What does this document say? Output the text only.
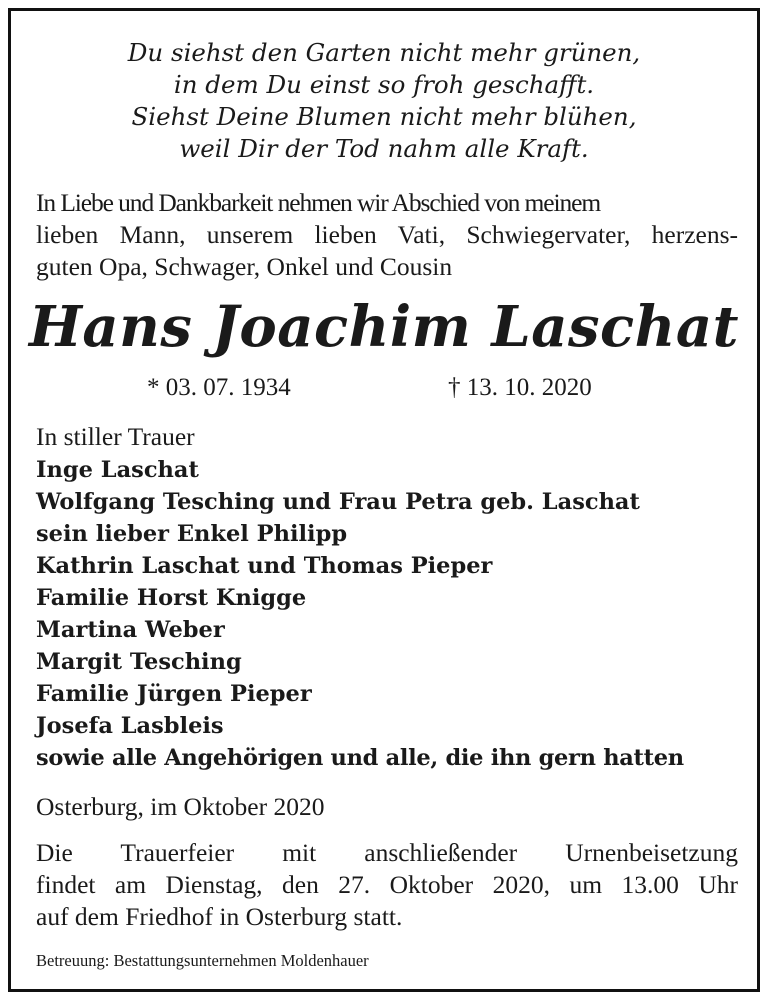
Du siehst den Garten nicht mehr grünen,
in dem Du einst so froh geschafft.
Siehst Deine Blumen nicht mehr blühen,
weil Dir der Tod nahm alle Kraft.
In Liebe und Dankbarkeit nehmen wir Abschied von meinem
lieben Mann, unserem lieben Vati, Schwiegervater, herzens-
guten Opa, Schwager, Onkel und Cousin
Hans Joachim Laschat
* 03. 07. 1934	† 13. 10. 2020
In stiller Trauer
Inge Laschat
Wolfgang Tesching und Frau Petra geb. Laschat
sein lieber Enkel Philipp
Kathrin Laschat und Thomas Pieper
Familie Horst Knigge
Martina Weber
Margit Tesching
Familie Jürgen Pieper
Josefa Lasbleis
sowie alle Angehörigen und alle, die ihn gern hatten
Osterburg, im Oktober 2020
Die Trauerfeier mit anschließender Urnenbeisetzung
findet am Dienstag, den 27. Oktober 2020, um 13.00 Uhr
auf dem Friedhof in Osterburg statt.
Betreuung: Bestattungsunternehmen Moldenhauer
